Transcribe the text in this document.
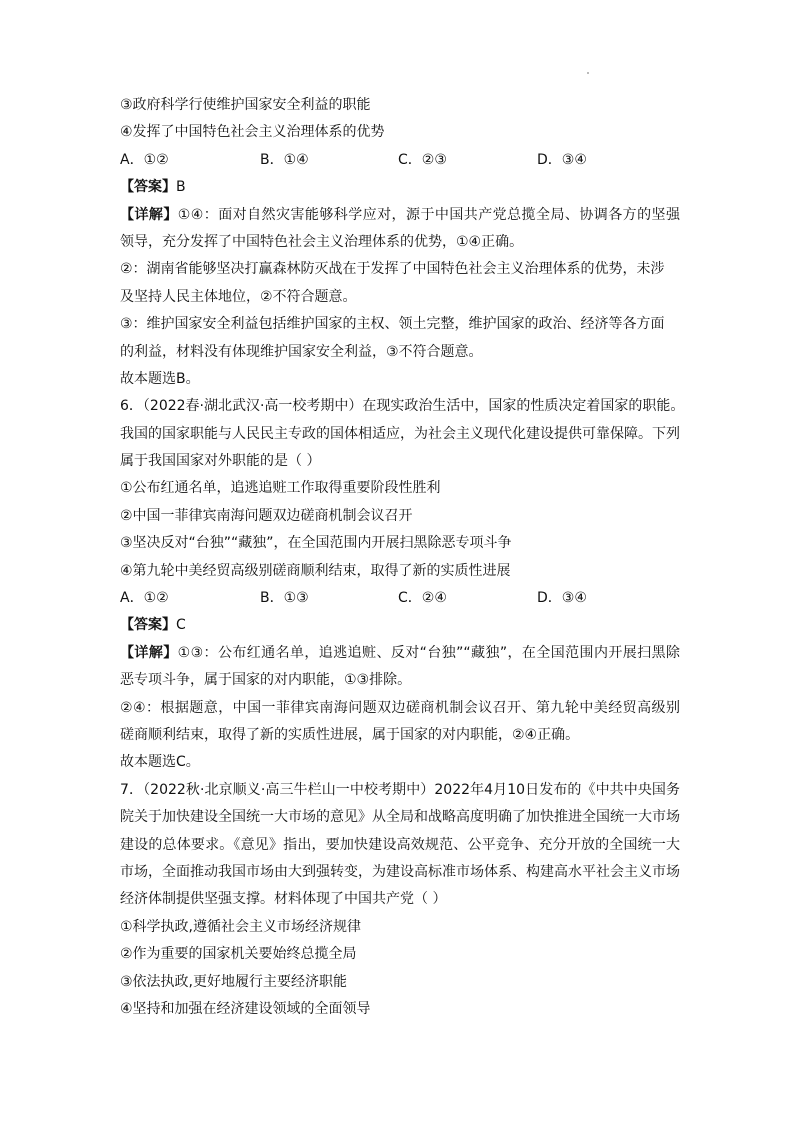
③政府科学行使维护国家安全利益的职能
④发挥了中国特色社会主义治理体系的优势
A．①②	B．①④	C．②③	D．③④
【答案】B
【详解】①④：面对自然灾害能够科学应对，源于中国共产党总揽全局、协调各方的坚强
领导，充分发挥了中国特色社会主义治理体系的优势，①④正确。
②：湖南省能够坚决打赢森林防灭战在于发挥了中国特色社会主义治理体系的优势，未涉
及坚持人民主体地位，②不符合题意。
③：维护国家安全利益包括维护国家的主权、领土完整，维护国家的政治、经济等各方面
的利益，材料没有体现维护国家安全利益，③不符合题意。
故本题选B。
6．（2022春·湖北武汉·高一校考期中）在现实政治生活中，国家的性质决定着国家的职能。
我国的国家职能与人民民主专政的国体相适应，为社会主义现代化建设提供可靠保障。下列
属于我国国家对外职能的是（ ）
①公布红通名单，追逃追赃工作取得重要阶段性胜利
②中国一菲律宾南海问题双边磋商机制会议召开
③坚决反对“台独”“藏独”，在全国范围内开展扫黑除恶专项斗争
④第九轮中美经贸高级别磋商顺利结束，取得了新的实质性进展
A．①②	B．①③	C．②④	D．③④
【答案】C
【详解】①③：公布红通名单，追逃追赃、反对“台独”“藏独”，在全国范围内开展扫黑除
恶专项斗争，属于国家的对内职能，①③排除。
②④：根据题意，中国一菲律宾南海问题双边磋商机制会议召开、第九轮中美经贸高级别
磋商顺利结束，取得了新的实质性进展，属于国家的对内职能，②④正确。
故本题选C。
7．（2022秋·北京顺义·高三牛栏山一中校考期中）2022年4月10日发布的《中共中央国务
院关于加快建设全国统一大市场的意见》从全局和战略高度明确了加快推进全国统一大市场
建设的总体要求。《意见》指出，要加快建设高效规范、公平竞争、充分开放的全国统一大
市场，全面推动我国市场由大到强转变，为建设高标准市场体系、构建高水平社会主义市场
经济体制提供坚强支撑。材料体现了中国共产党（ ）
①科学执政,遵循社会主义市场经济规律
②作为重要的国家机关要始终总揽全局
③依法执政,更好地履行主要经济职能
④坚持和加强在经济建设领域的全面领导
